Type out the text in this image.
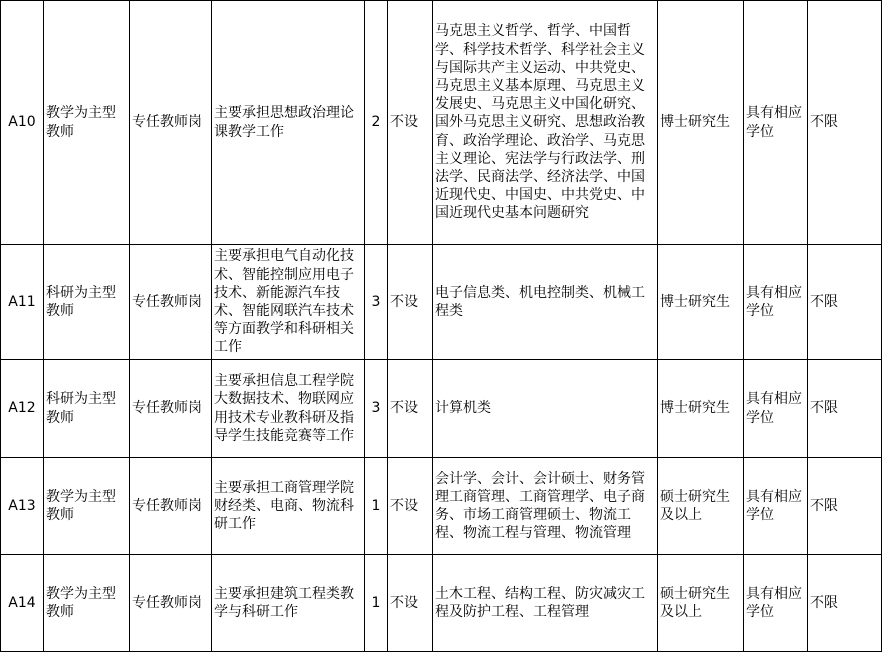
A10	教学为主型教师	专任教师岗	主要承担思想政治理论课教学工作	2	不设	马克思主义哲学、哲学、中国哲学、科学技术哲学、科学社会主义与国际共产主义运动、中共党史、马克思主义基本原理、马克思主义发展史、马克思主义中国化研究、国外马克思主义研究、思想政治教育、政治学理论、政治学、马克思主义理论、宪法学与行政法学、刑法学、民商法学、经济法学、中国近现代史、中国史、中共党史、中国近现代史基本问题研究	博士研究生	具有相应学位	不限
A11	科研为主型教师	专任教师岗	主要承担电气自动化技术、智能控制应用电子技术、新能源汽车技术、智能网联汽车技术等方面教学和科研相关工作	3	不设	电子信息类、机电控制类、机械工程类	博士研究生	具有相应学位	不限
A12	科研为主型教师	专任教师岗	主要承担信息工程学院大数据技术、物联网应用技术专业教科研及指导学生技能竞赛等工作	3	不设	计算机类	博士研究生	具有相应学位	不限
A13	教学为主型教师	专任教师岗	主要承担工商管理学院财经类、电商、物流科研工作	1	不设	会计学、会计、会计硕士、财务管理工商管理、工商管理学、电子商务、市场工商管理硕士、物流工程、物流工程与管理、物流管理	硕士研究生及以上	具有相应学位	不限
A14	教学为主型教师	专任教师岗	主要承担建筑工程类教学与科研工作	1	不设	土木工程、结构工程、防灾减灾工程及防护工程、工程管理	硕士研究生及以上	具有相应学位	不限
